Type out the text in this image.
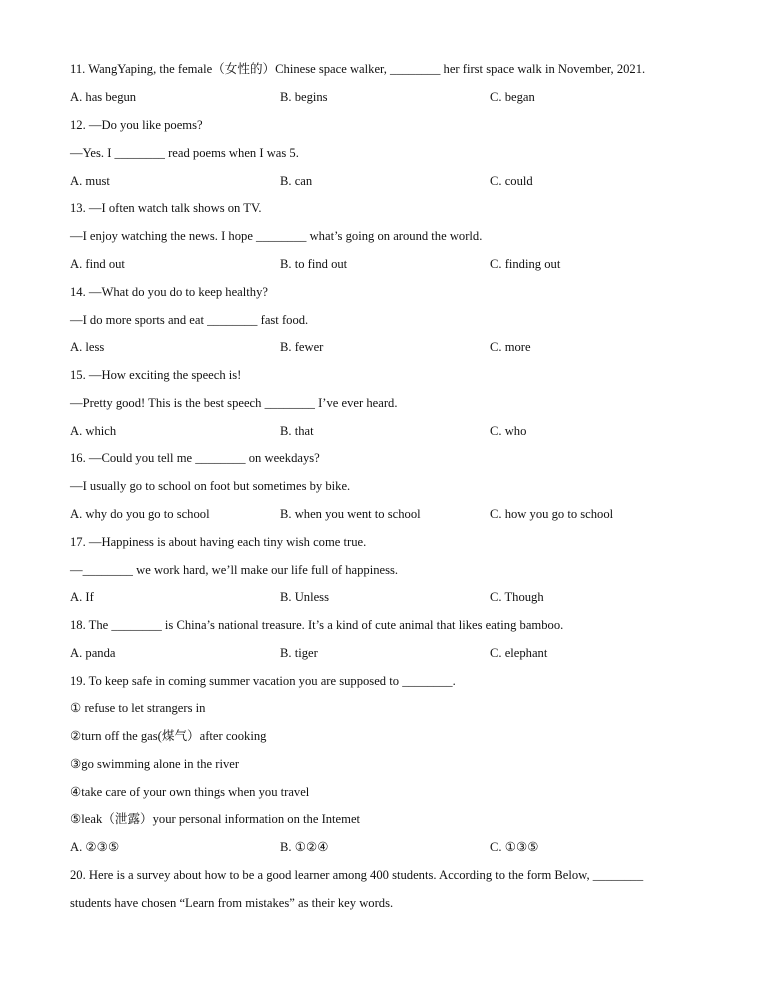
11. WangYaping, the female（女性的）Chinese space walker, ________ her first space walk in November, 2021.
A. has begun	B. begins	C. began
12. —Do you like poems?
—Yes. I ________ read poems when I was 5.
A. must	B. can	C. could
13. —I often watch talk shows on TV.
—I enjoy watching the news. I hope ________ what’s going on around the world.
A. find out	B. to find out	C. finding out
14. —What do you do to keep healthy?
—I do more sports and eat ________ fast food.
A. less	B. fewer	C. more
15. —How exciting the speech is!
—Pretty good! This is the best speech ________ I’ve ever heard.
A. which	B. that	C. who
16. —Could you tell me ________ on weekdays?
—I usually go to school on foot but sometimes by bike.
A. why do you go to school	B. when you went to school	C. how you go to school
17. —Happiness is about having each tiny wish come true.
—________ we work hard, we’ll make our life full of happiness.
A. If	B. Unless	C. Though
18. The ________ is China’s national treasure. It’s a kind of cute animal that likes eating bamboo.
A. panda	B. tiger	C. elephant
19. To keep safe in coming summer vacation you are supposed to ________.
① refuse to let strangers in
②turn off the gas(煤气）after cooking
③go swimming alone in the river
④take care of your own things when you travel
⑤leak（泄露）your personal information on the Intemet
A. ②③⑤	B. ①②④	C. ①③⑤
20. Here is a survey about how to be a good learner among 400 students. According to the form Below, ________
students have chosen “Learn from mistakes” as their key words.
